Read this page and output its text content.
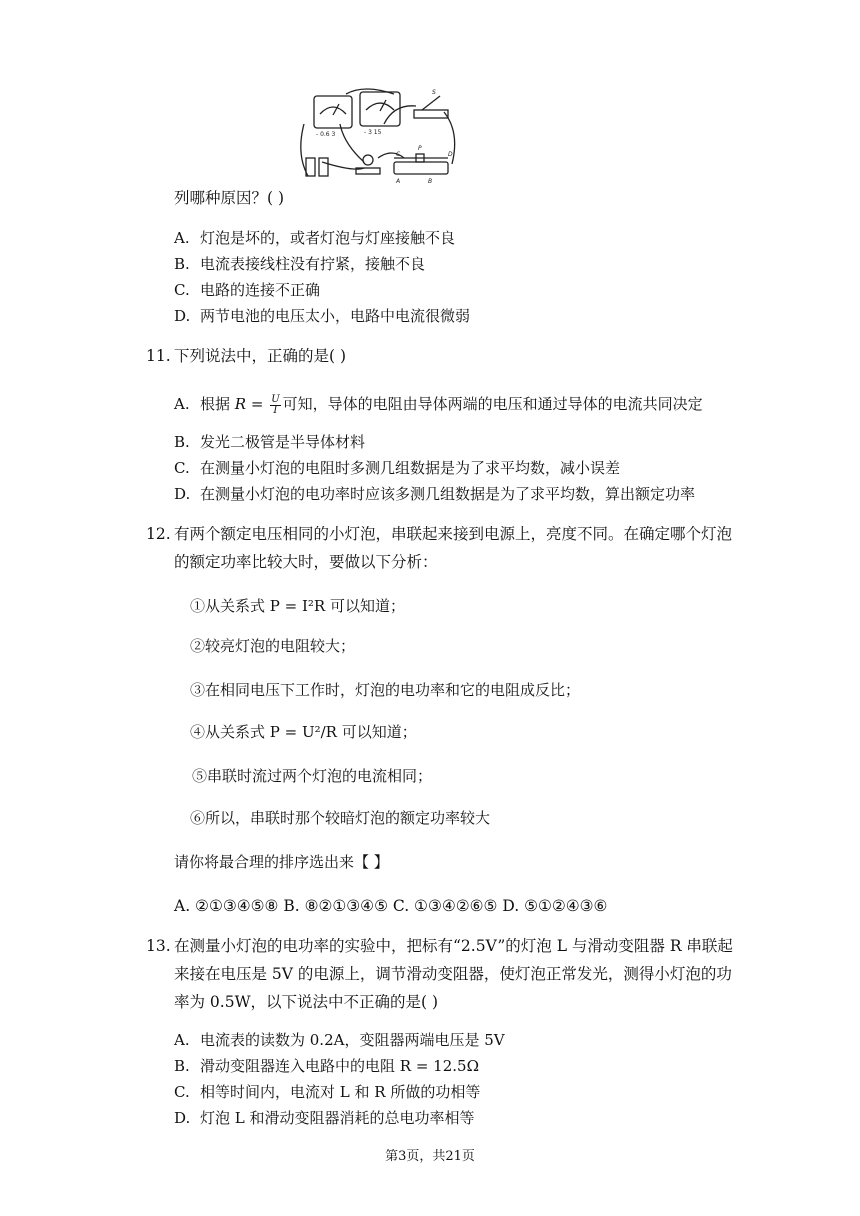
- 0.6 3	- 3 15
S
C
P
D
A	B
列哪种原因？( )
A. 灯泡是坏的，或者灯泡与灯座接触不良
B. 电流表接线柱没有拧紧，接触不良
C. 电路的连接不正确
D. 两节电池的电压太小，电路中电流很微弱
11. 下列说法中，正确的是( )
A. 根据 $R = \frac{U}{I}$ 可知，导体的电阻由导体两端的电压和通过导体的电流共同决定
B. 发光二极管是半导体材料
C. 在测量小灯泡的电阻时多测几组数据是为了求平均数，减小误差
D. 在测量小灯泡的电功率时应该多测几组数据是为了求平均数，算出额定功率
12. 有两个额定电压相同的小灯泡，串联起来接到电源上，亮度不同。在确定哪个灯泡
的额定功率比较大时，要做以下分析：
①从关系式 P = I²R 可以知道；
②较亮灯泡的电阻较大；
③在相同电压下工作时，灯泡的电功率和它的电阻成反比；
④从关系式 P = U²/R 可以知道；
⑤串联时流过两个灯泡的电流相同；
⑥所以，串联时那个较暗灯泡的额定功率较大
请你将最合理的排序选出来【 】
A. ②①③④⑤⑧ B. ⑧②①③④⑤ C. ①③④②⑥⑤ D. ⑤①②④③⑥
13. 在测量小灯泡的电功率的实验中，把标有“2.5V”的灯泡 L 与滑动变阻器 R 串联起
来接在电压是 5V 的电源上，调节滑动变阻器，使灯泡正常发光，测得小灯泡的功
率为 0.5W，以下说法中不正确的是( )
A. 电流表的读数为 0.2A，变阻器两端电压是 5V
B. 滑动变阻器连入电路中的电阻 R = 12.5Ω
C. 相等时间内，电流对 L 和 R 所做的功相等
D. 灯泡 L 和滑动变阻器消耗的总电功率相等
第3页，共21页
